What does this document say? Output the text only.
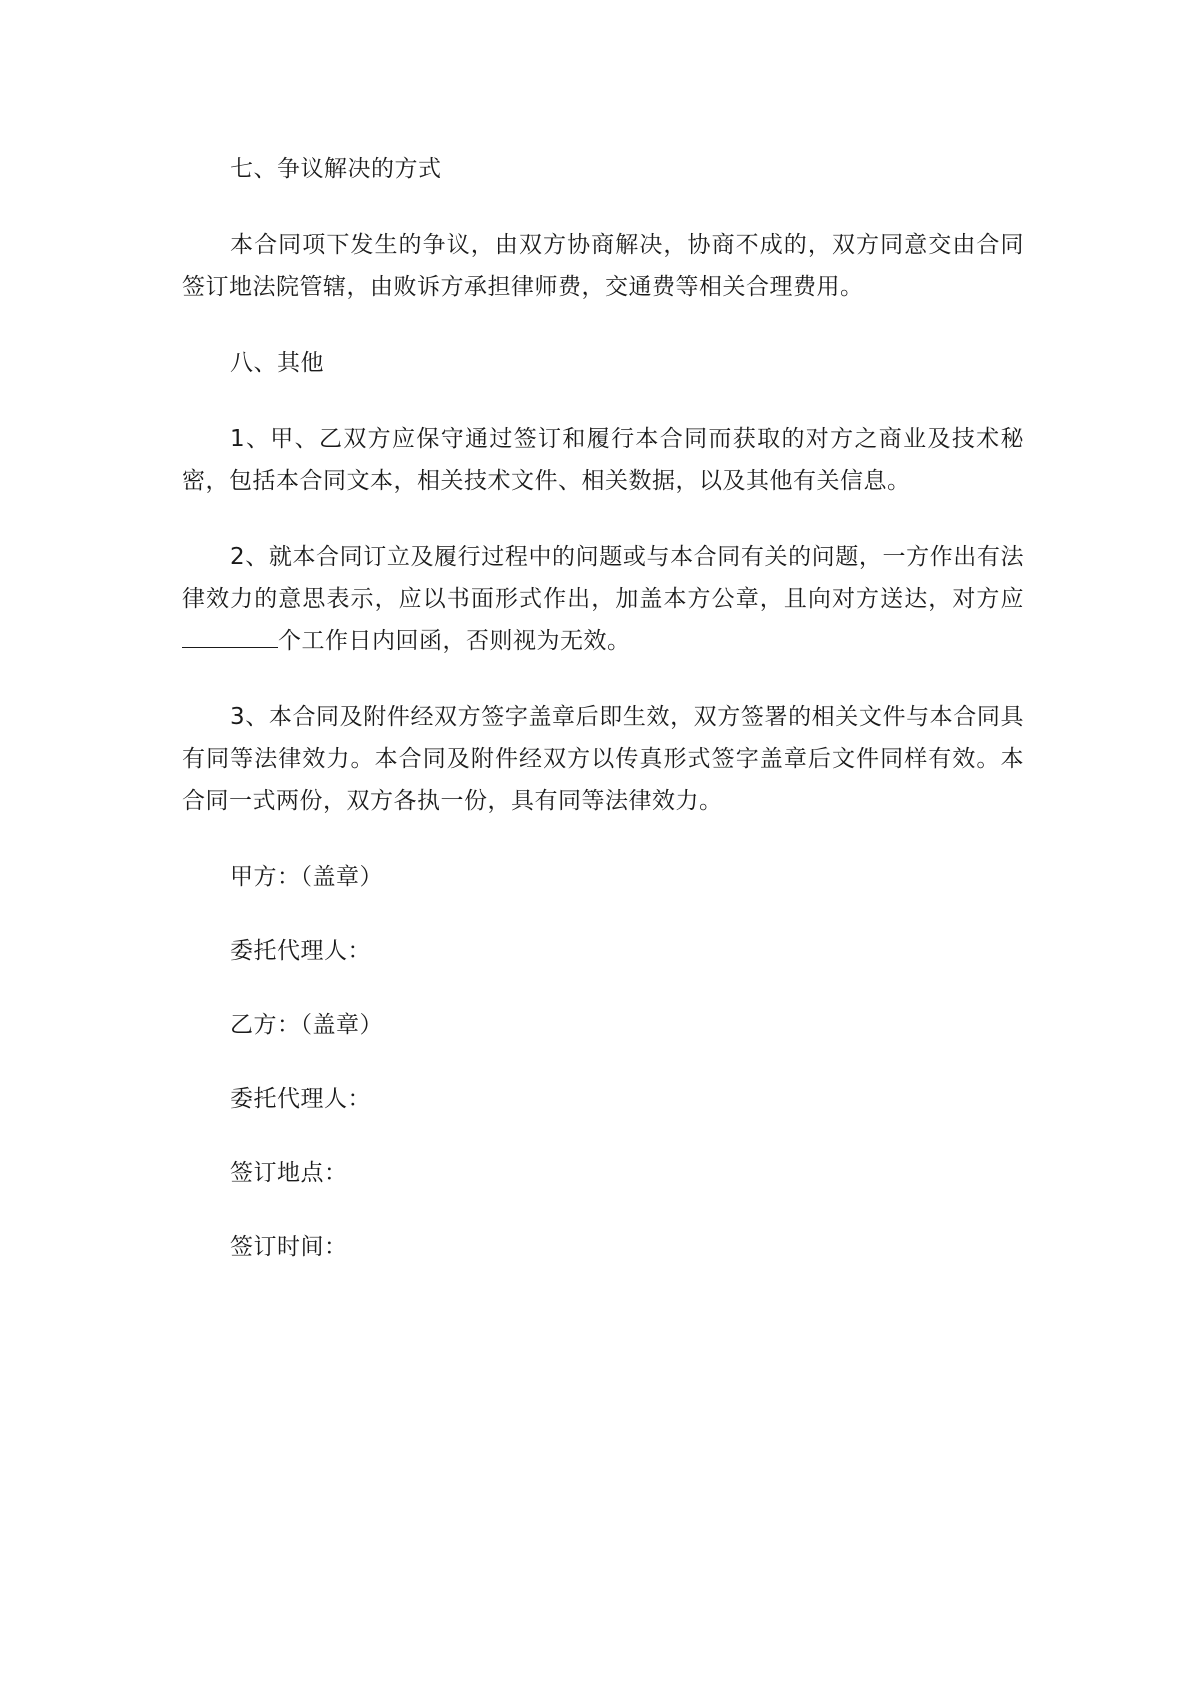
七、争议解决的方式

本合同项下发生的争议，由双方协商解决，协商不成的，双方同意交由合同签订地法院管辖，由败诉方承担律师费，交通费等相关合理费用。

八、其他

1、甲、乙双方应保守通过签订和履行本合同而获取的对方之商业及技术秘密，包括本合同文本，相关技术文件、相关数据，以及其他有关信息。

2、就本合同订立及履行过程中的问题或与本合同有关的问题，一方作出有法律效力的意思表示，应以书面形式作出，加盖本方公章，且向对方送达，对方应个工作日内回函，否则视为无效。

3、本合同及附件经双方签字盖章后即生效，双方签署的相关文件与本合同具有同等法律效力。本合同及附件经双方以传真形式签字盖章后文件同样有效。本合同一式两份，双方各执一份，具有同等法律效力。

甲方：（盖章）

委托代理人：

乙方：（盖章）

委托代理人：

签订地点：

签订时间：
